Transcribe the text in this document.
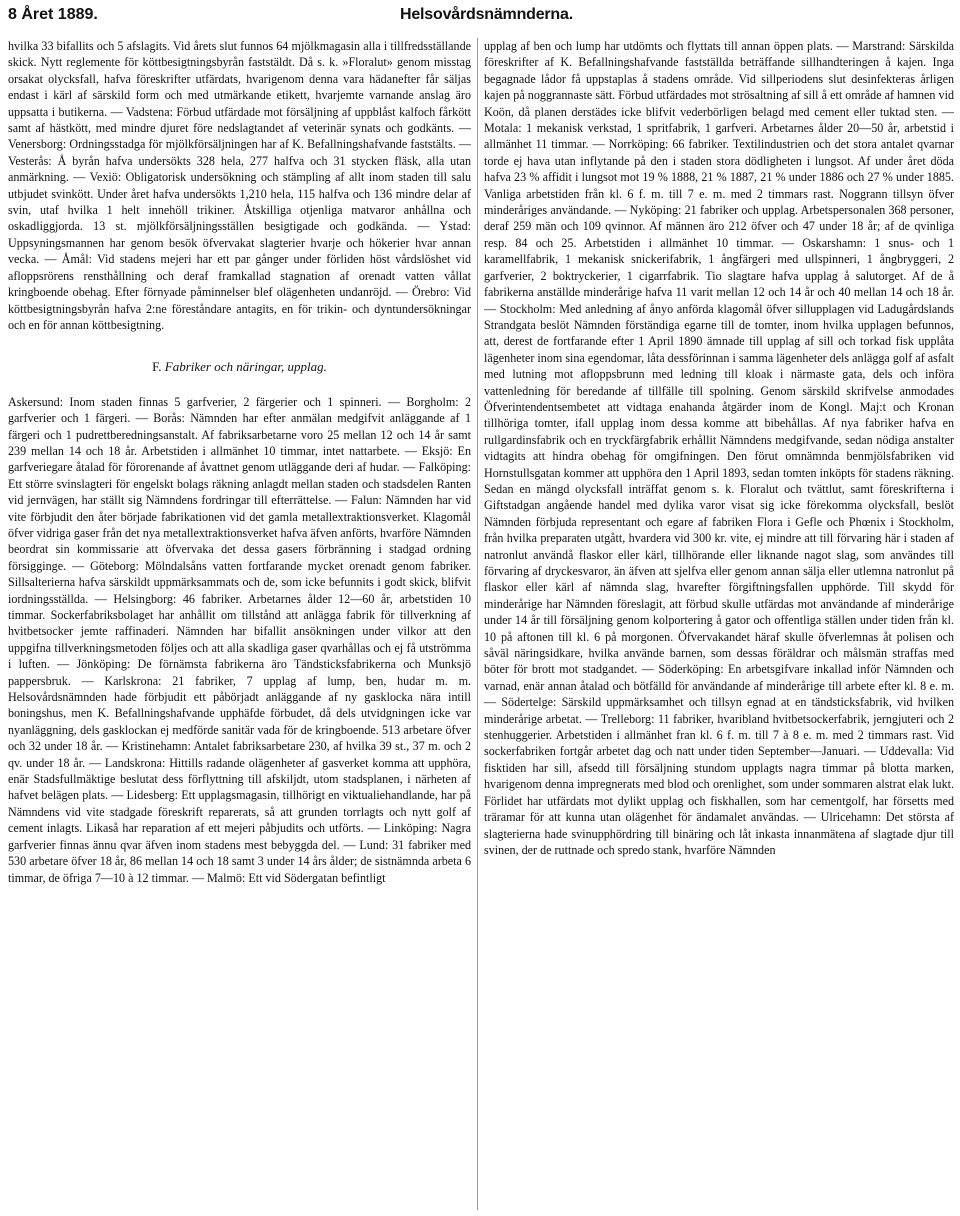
8 Året 1889.	Helsovårdsnämnderna.

hvilka 33 bifallits och 5 afslagits. Vid årets slut funnos 64 mjölkmagasin alla i tillfredsställande skick. Nytt reglemente för köttbesigtningsbyrån faststäldt. Då s. k. »Floralut» genom misstag orsakat olycksfall, hafva föreskrifter utfärdats, hvarigenom denna vara hädanefter får säljas endast i kärl af särskild form och med utmärkande etikett, hvarjemte varnande anslag äro uppsatta i butikerna. — Vadstena: Förbud utfärdade mot försäljning af uppblåst kalfoch fårkött samt af hästkött, med mindre djuret före nedslagtandet af veterinär synats och godkänts. — Venersborg: Ordningsstadga för mjölkförsäljningen har af K. Befallningshafvande faststälts. — Vesterås: Å byrån hafva undersökts 328 hela, 277 halfva och 31 stycken fläsk, alla utan anmärkning. — Vexiö: Obligatorisk undersökning och stämpling af allt inom staden till salu utbjudet svinkött. Under året hafva undersökts 1,210 hela, 115 halfva och 136 mindre delar af svin, utaf hvilka 1 helt innehöll trikiner. Åtskilliga otjenliga matvaror anhållna och oskadliggjorda. 13 st. mjölkförsäljningsställen besigtigade och godkända. — Ystad: Uppsyningsmannen har genom besök öfvervakat slagterier hvarje och hökerier hvar annan vecka. — Åmål: Vid stadens mejeri har ett par gånger under förliden höst vårdslöshet vid afloppsrörens rensthållning och deraf framkallad stagnation af orenadt vatten vållat kringboende obehag. Efter förnyade påminnelser blef olägenheten undanröjd. — Örebro: Vid köttbesigtningsbyrån hafva 2:ne föreståndare antagits, en för trikin- och dyntundersökningar och en för annan köttbesigtning.

F. Fabriker och näringar, upplag.

Askersund: Inom staden finnas 5 garfverier, 2 färgerier och 1 spinneri. — Borgholm: 2 garfverier och 1 färgeri. — Borås: Nämnden har efter anmälan medgifvit anläggande af 1 färgeri och 1 pudrettberedningsanstalt. Af fabriksarbetarne voro 25 mellan 12 och 14 år samt 239 mellan 14 och 18 år. Arbetstiden i allmänhet 10 timmar, intet nattarbete. — Eksjö: En garfveriegare åtalad för förorenande af åvattnet genom utläggande deri af hudar. — Falköping: Ett större svinslagteri för engelskt bolags räkning anlagdt mellan staden och stadsdelen Ranten vid jernvägen, har ställt sig Nämndens fordringar till efterrättelse. — Falun: Nämnden har vid vite förbjudit den åter började fabrikationen vid det gamla metallextraktionsverket. Klagomål öfver vidriga gaser från det nya metallextraktionsverket hafva äfven anförts, hvarföre Nämnden beordrat sin kommissarie att öfvervaka det dessa gasers förbränning i stadgad ordning försigginge. — Göteborg: Mölndalsåns vatten fortfarande mycket orenadt genom fabriker. Sillsalterierna hafva särskildt uppmärksammats och de, som icke befunnits i godt skick, blifvit iordningsställda. — Helsingborg: 46 fabriker. Arbetarnes ålder 12—60 år, arbetstiden 10 timmar. Sockerfabriksbolaget har anhållit om tillstånd att anlägga fabrik för tillverkning af hvitbetsocker jemte raffinaderi. Nämnden har bifallit ansökningen under vilkor att den uppgifna tillverkningsmetoden följes och att alla skadliga gaser qvarhållas och ej få utströmma i luften. — Jönköping: De förnämsta fabrikerna äro Tändsticksfabrikerna och Munksjö pappersbruk. — Karlskrona: 21 fabriker, 7 upplag af lump, ben, hudar m. m. Helsovårdsnämnden hade förbjudit ett påbörjadt anläggande af ny gasklocka nära intill boningshus, men K. Befallningshafvande upphäfde förbudet, då dels utvidgningen icke var nyanläggning, dels gasklockan ej medförde sanitär vada för de kringboende. 513 arbetare öfver och 32 under 18 år. — Kristinehamn: Antalet fabriksarbetare 230, af hvilka 39 st., 37 m. och 2 qv. under 18 år. — Landskrona: Hittills radande olägenheter af gasverket komma att upphöra, enär Stadsfullmäktige beslutat dess förflyttning till afskiljdt, utom stadsplanen, i närheten af hafvet belägen plats. — Lidesberg: Ett upplagsmagasin, tillhörigt en viktualiehandlande, har på Nämndens vid vite stadgade föreskrift reparerats, så att grunden torrlagts och nytt golf af cement inlagts. Likaså har reparation af ett mejeri påbjudits och utförts. — Linköping: Nagra garfverier finnas ännu qvar äfven inom stadens mest bebyggda del. — Lund: 31 fabriker med 530 arbetare öfver 18 år, 86 mellan 14 och 18 samt 3 under 14 års ålder; de sistnämnda arbeta 6 timmar, de öfriga 7—10 à 12 timmar. — Malmö: Ett vid Södergatan befintligt

upplag af ben och lump har utdömts och flyttats till annan öppen plats. — Marstrand: Särskilda föreskrifter af K. Befallningshafvande fastställda beträffande sillhandteringen å kajen. Inga begagnade lådor få uppstaplas å stadens område. Vid sillperiodens slut desinfekteras årligen kajen på noggrannaste sätt. Förbud utfärdades mot strösaltning af sill å ett område af hamnen vid Koön, då planen derstädes icke blifvit vederbörligen belagd med cement eller tuktad sten. — Motala: 1 mekanisk verkstad, 1 spritfabrik, 1 garfveri. Arbetarnes ålder 20—50 år, arbetstid i allmänhet 11 timmar. — Norrköping: 66 fabriker. Textilindustrien och det stora antalet qvarnar torde ej hava utan inflytande på den i staden stora dödligheten i lungsot. Af under året döda hafva 23 % affidit i lungsot mot 19 % 1888, 21 % 1887, 21 % under 1886 och 27 % under 1885. Vanliga arbetstiden från kl. 6 f. m. till 7 e. m. med 2 timmars rast. Noggrann tillsyn öfver minderåriges användande. — Nyköping: 21 fabriker och upplag. Arbetspersonalen 368 personer, deraf 259 män och 109 qvinnor. Af männen äro 212 öfver och 47 under 18 år; af de qvinliga resp. 84 och 25. Arbetstiden i allmänhet 10 timmar. — Oskarshamn: 1 snus- och 1 karamellfabrik, 1 mekanisk snickerifabrik, 1 ångfärgeri med ullspinneri, 1 ångbryggeri, 2 garfverier, 2 boktryckerier, 1 cigarrfabrik. Tio slagtare hafva upplag å salutorget. Af de å fabrikerna anställde minderårige hafva 11 varit mellan 12 och 14 år och 40 mellan 14 och 18 år. — Stockholm: Med anledning af ånyo anförda klagomål öfver sillupplagen vid Ladugårdslands Strandgata beslöt Nämnden förständiga egarne till de tomter, inom hvilka upplagen befunnos, att, derest de fortfarande efter 1 April 1890 ämnade till upplag af sill och torkad fisk upplåta lägenheter inom sina egendomar, låta dessförinnan i samma lägenheter dels anlägga golf af asfalt med lutning mot afloppsbrunn med ledning till kloak i närmaste gata, dels och införa vattenledning för beredande af tillfälle till spolning. Genom särskild skrifvelse anmodades Öfverintendentsembetet att vidtaga enahanda åtgärder inom de Kongl. Maj:t och Kronan tillhöriga tomter, ifall upplag inom dessa komme att bibehållas. Af nya fabriker hafva en rullgardinsfabrik och en tryckfärgfabrik erhållit Nämndens medgifvande, sedan nödiga anstalter vidtagits att hindra obehag för omgifningen. Den förut omnämnda benmjölsfabriken vid Hornstullsgatan kommer att upphöra den 1 April 1893, sedan tomten inköpts för stadens räkning. Sedan en mängd olycksfall inträffat genom s. k. Floralut och tvättlut, samt föreskrifterna i Giftstadgan angående handel med dylika varor visat sig icke förekomma olycksfall, beslöt Nämnden förbjuda representant och egare af fabriken Flora i Gefle och Phœnix i Stockholm, från hvilka preparaten utgått, hvardera vid 300 kr. vite, ej mindre att till förvaring här i staden af natronlut användå flaskor eller kärl, tillhörande eller liknande nagot slag, som användes till förvaring af dryckesvaror, än äfven att sjelfva eller genom annan sälja eller utlemna natronlut på flaskor eller kärl af nämnda slag, hvarefter förgiftningsfallen upphörde. Till skydd för minderårige har Nämnden föreslagit, att förbud skulle utfärdas mot användande af minderårige under 14 år till försäljning genom kolportering å gator och offentliga ställen under tiden från kl. 10 på aftonen till kl. 6 på morgonen. Öfvervakandet häraf skulle öfverlemnas åt polisen och såväl näringsidkare, hvilka använde barnen, som dessas föräldrar och målsmän straffas med böter för brott mot stadgandet. — Söderköping: En arbetsgifvare inkallad inför Nämnden och varnad, enär annan åtalad och bötfälld för användande af minderårige till arbete efter kl. 8 e. m. — Södertelge: Särskild uppmärksamhet och tillsyn egnad at en tändsticksfabrik, vid hvilken minderårige arbetat. — Trelleborg: 11 fabriker, hvaribland hvitbetsockerfabrik, jerngjuteri och 2 stenhuggerier. Arbetstiden i allmänhet fran kl. 6 f. m. till 7 à 8 e. m. med 2 timmars rast. Vid sockerfabriken fortgår arbetet dag och natt under tiden September—Januari. — Uddevalla: Vid fisktiden har sill, afsedd till försäljning stundom upplagts nagra timmar på blotta marken, hvarigenom denna impregnerats med blod och orenlighet, som under sommaren alstrat elak lukt. Förlidet har utfärdats mot dylikt upplag och fiskhallen, som har cementgolf, har försetts med träramar för att kunna utan olägenhet för ändamalet användas. — Ulricehamn: Det största af slagterierna hade svinupphördring till binäring och låt inkasta innanmätena af slagtade djur till svinen, der de ruttnade och spredo stank, hvarföre Nämnden
